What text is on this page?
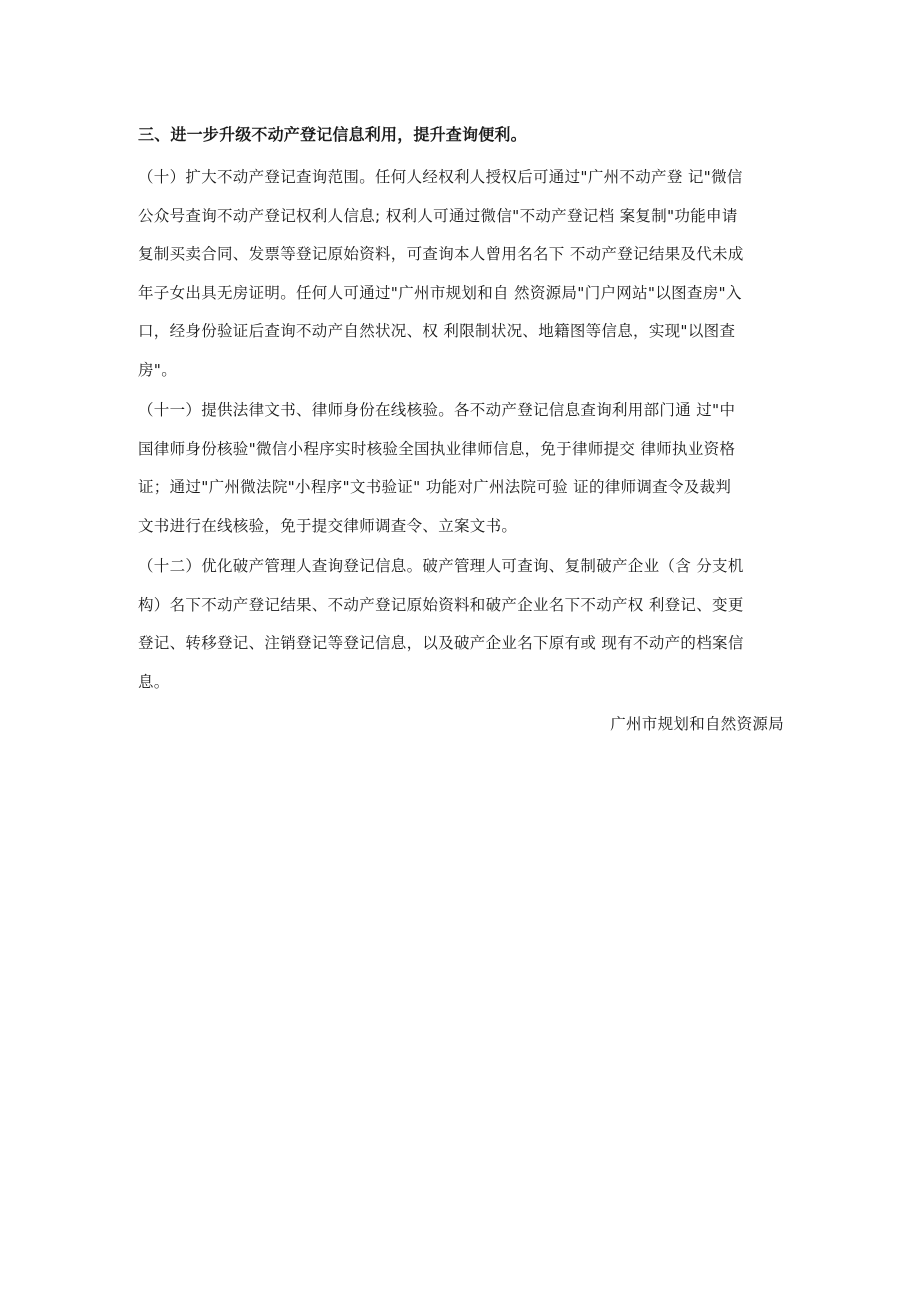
三、进一步升级不动产登记信息利用，提升查询便利。
（十）扩大不动产登记查询范围。任何人经权利人授权后可通过"广州不动产登 记"微信
公众号查询不动产登记权利人信息; 权利人可通过微信"不动产登记档 案复制"功能申请
复制买卖合同、发票等登记原始资料，可查询本人曾用名名下 不动产登记结果及代未成
年子女出具无房证明。任何人可通过"广州市规划和自 然资源局"门户网站"以图查房"入
口，经身份验证后查询不动产自然状况、权 利限制状况、地籍图等信息，实现"以图查
房"。
（十一）提供法律文书、律师身份在线核验。各不动产登记信息查询利用部门通 过"中
国律师身份核验"微信小程序实时核验全国执业律师信息，免于律师提交 律师执业资格
证；通过"广州微法院"小程序"文书验证" 功能对广州法院可验 证的律师调查令及裁判
文书进行在线核验，免于提交律师调查令、立案文书。
（十二）优化破产管理人查询登记信息。破产管理人可查询、复制破产企业（含 分支机
构）名下不动产登记结果、不动产登记原始资料和破产企业名下不动产权 利登记、变更
登记、转移登记、注销登记等登记信息，以及破产企业名下原有或 现有不动产的档案信
息。
广州市规划和自然资源局
